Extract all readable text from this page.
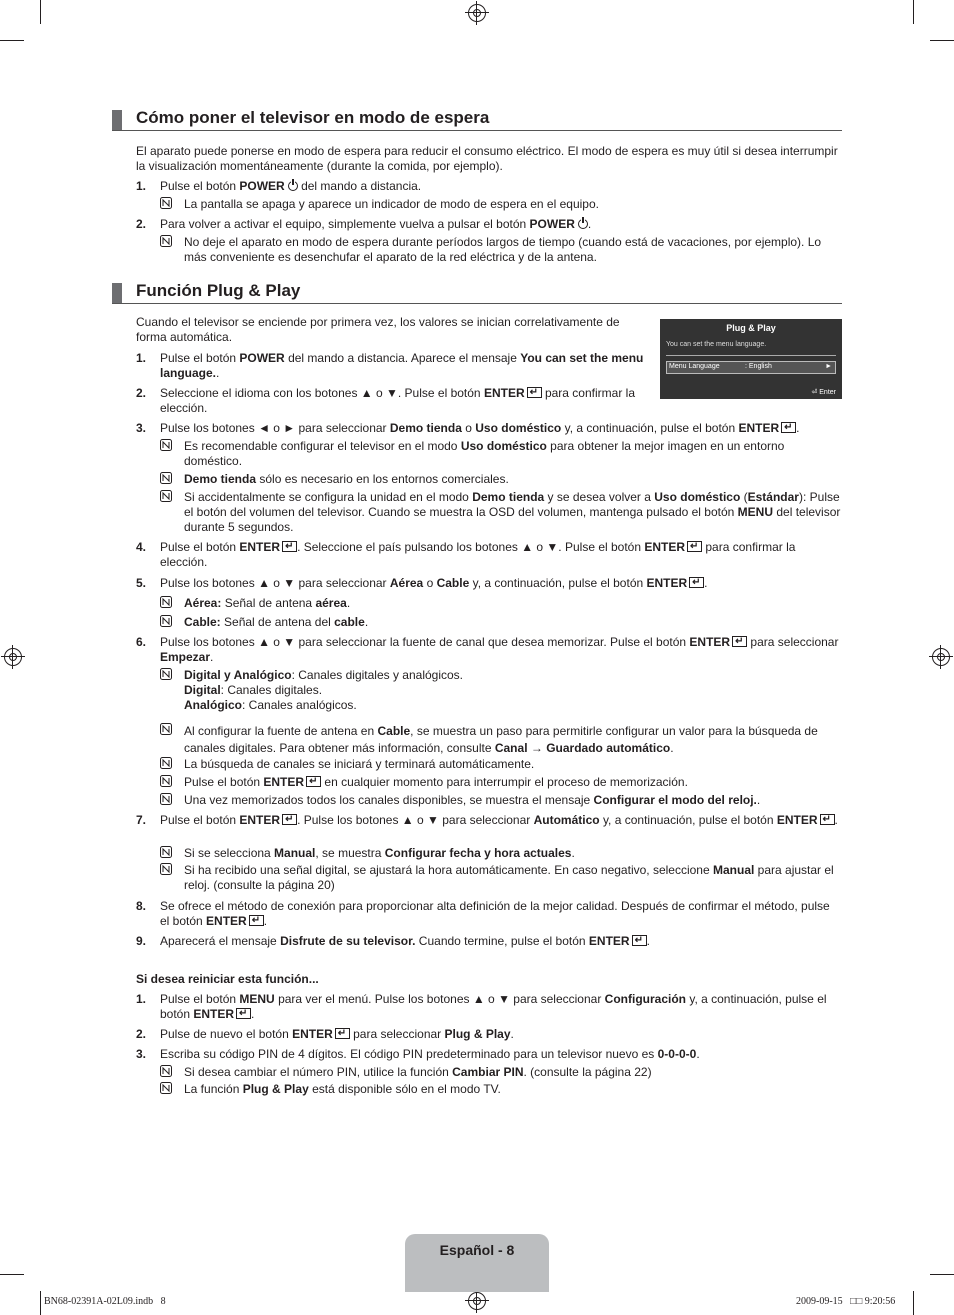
Cómo poner el televisor en modo de espera

El aparato puede ponerse en modo de espera para reducir el consumo eléctrico. El modo de espera es muy útil si desea interrumpir la visualización momentáneamente (durante la comida, por ejemplo).

1.	Pulse el botón POWER del mando a distancia.

La pantalla se apaga y aparece un indicador de modo de espera en el equipo.

2.	Para volver a activar el equipo, simplemente vuelva a pulsar el botón POWER .

No deje el aparato en modo de espera durante períodos largos de tiempo (cuando está de vacaciones, por ejemplo). Lo más conveniente es desenchufar el aparato de la red eléctrica y de la antena.

Función Plug & Play

Cuando el televisor se enciende por primera vez, los valores se inician correlativamente de forma automática.

Plug & Play
You can set the menu language.
Menu Language	: English	►
⏎ Enter

1.	Pulse el botón POWER del mando a distancia. Aparece el mensaje You can set the menu language..

2.	Seleccione el idioma con los botones ▲ o ▼. Pulse el botón ENTER↵ para confirmar la elección.

3.	Pulse los botones ◄ o ► para seleccionar Demo tienda o Uso doméstico y, a continuación, pulse el botón ENTER ↵ .

Es recomendable configurar el televisor en el modo Uso doméstico para obtener la mejor imagen en un entorno doméstico.

Demo tienda sólo es necesario en los entornos comerciales.

Si accidentalmente se configura la unidad en el modo Demo tienda y se desea volver a Uso doméstico (Estándar): Pulse el botón del volumen del televisor. Cuando se muestra la OSD del volumen, mantenga pulsado el botón MENU del televisor durante 5 segundos.

4.	Pulse el botón ENTER ↵ . Seleccione el país pulsando los botones ▲ o ▼. Pulse el botón ENTER↵ para confirmar la elección.

5.	Pulse los botones ▲ o ▼ para seleccionar Aérea o Cable y, a continuación, pulse el botón ENTER ↵ .

Aérea: Señal de antena aérea.

Cable: Señal de antena del cable.

6.	Pulse los botones ▲ o ▼ para seleccionar la fuente de canal que desea memorizar. Pulse el botón ENTER↵ para seleccionar Empezar.

Digital y Analógico: Canales digitales y analógicos.
Digital: Canales digitales.
Analógico: Canales analógicos.

Al configurar la fuente de antena en Cable, se muestra un paso para permitirle configurar un valor para la búsqueda de canales digitales. Para obtener más información, consulte Canal → Guardado automático.

La búsqueda de canales se iniciará y terminará automáticamente.

Pulse el botón ENTER↵ en cualquier momento para interrumpir el proceso de memorización.

Una vez memorizados todos los canales disponibles, se muestra el mensaje Configurar el modo del reloj..

7.	Pulse el botón ENTER ↵ . Pulse los botones ▲ o ▼ para seleccionar Automático y, a continuación, pulse el botón ENTER ↵ .

Si se selecciona Manual, se muestra Configurar fecha y hora actuales.

Si ha recibido una señal digital, se ajustará la hora automáticamente. En caso negativo, seleccione Manual para ajustar el reloj. (consulte la página 20)

8.	Se ofrece el método de conexión para proporcionar alta definición de la mejor calidad. Después de confirmar el método, pulse el botón ENTER ↵ .

9.	Aparecerá el mensaje Disfrute de su televisor. Cuando termine, pulse el botón ENTER ↵ .

Si desea reiniciar esta función...

1.	Pulse el botón MENU para ver el menú. Pulse los botones ▲ o ▼ para seleccionar Configuración y, a continuación, pulse el botón ENTER ↵ .

2.	Pulse de nuevo el botón ENTER↵ para seleccionar Plug & Play.

3.	Escriba su código PIN de 4 dígitos. El código PIN predeterminado para un televisor nuevo es 0-0-0-0.

Si desea cambiar el número PIN, utilice la función Cambiar PIN. (consulte la página 22)

La función Plug & Play está disponible sólo en el modo TV.

Español - 8
BN68-02391A-02L09.indb   8	2009-09-15   □□ 9:20:56
